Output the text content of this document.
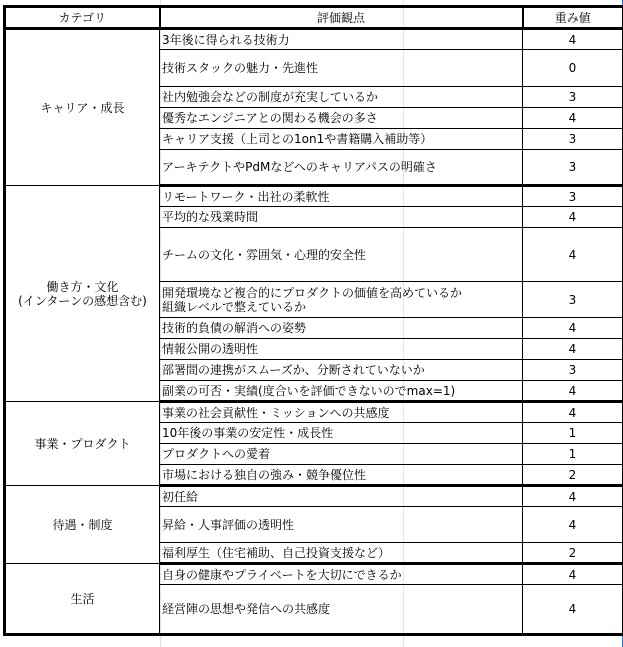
カテゴリ	評価観点	重み値
キャリア・成長	3年後に得られる技術力	4
	技術スタックの魅力・先進性	0
	社内勉強会などの制度が充実しているか	3
	優秀なエンジニアとの関わる機会の多さ	4
	キャリア支援（上司との1on1や書籍購入補助等）	3
	アーキテクトやPdMなどへのキャリアパスの明確さ	3

働き方・文化
(インターンの感想含む)	リモートワーク・出社の柔軟性	3
	平均的な残業時間	4
	チームの文化・雰囲気・心理的安全性	4

	開発環境など複合的にプロダクトの価値を高めているか
組織レベルで整えているか	3
	技術的負債の解消への姿勢	4
	情報公開の透明性	4
	部署間の連携がスムーズか、分断されていないか	3
	副業の可否・実績(度合いを評価できないのでmax=1)	4
事業・プロダクト	事業の社会貢献性・ミッションへの共感度	4
	10年後の事業の安定性・成長性	1
	プロダクトへの愛着	1
	市場における独自の強み・競争優位性	2
待遇・制度	初任給	4
	昇給・人事評価の透明性	4
	福利厚生（住宅補助、自己投資支援など）	2
生活	自身の健康やプライベートを大切にできるか	4
	経営陣の思想や発信への共感度	4
